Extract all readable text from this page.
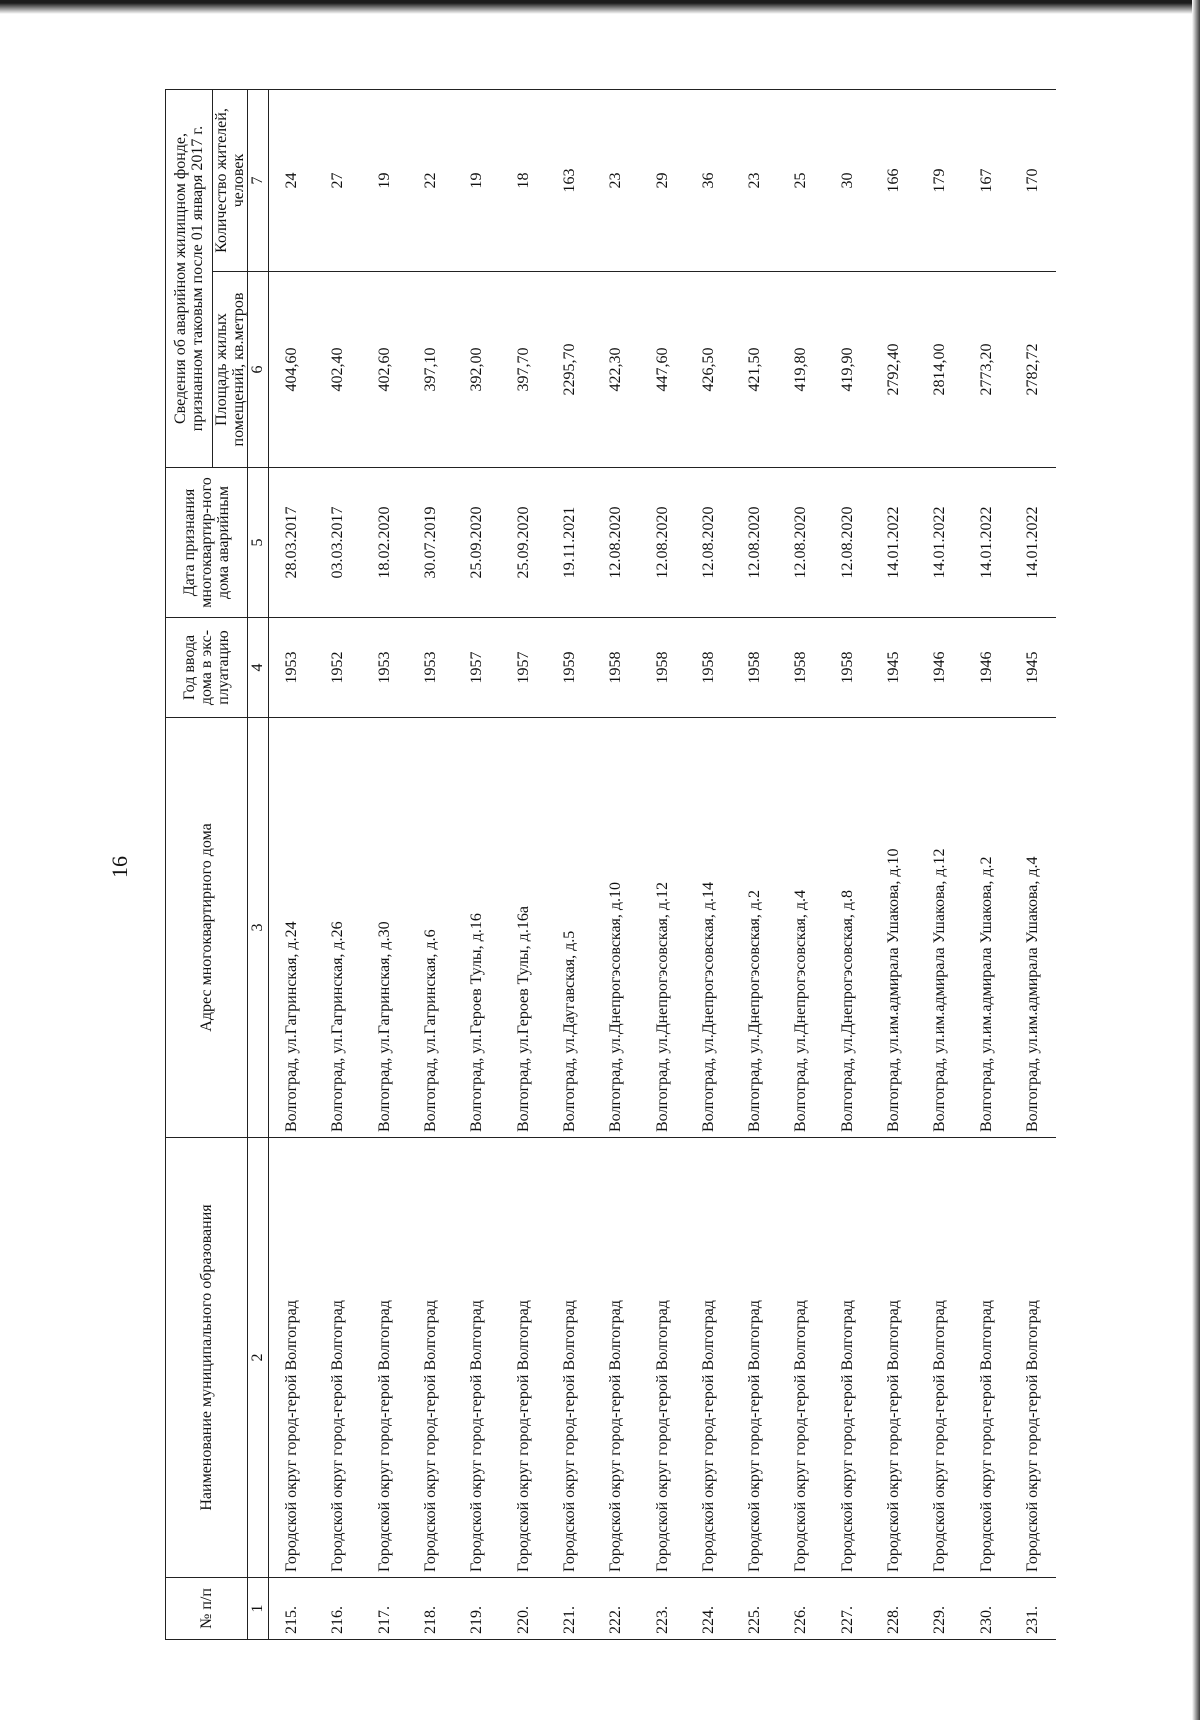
16
№ п/п	Наименование муниципального образования	Адрес многоквартирного дома	Год ввода дома в экс-плуатацию	Дата признания многоквартир-ного дома аварийным	Сведения об аварийном жилищном фонде, признанном таковым после 01 января 2017 г.	
					Площадь жилых помещений, кв.метров	Количество жителей, человек
1	2	3	4	5	6	7
215.	Городской округ город-герой Волгоград	Волгоград, ул.Гагринская, д.24	1953	28.03.2017	404,60	24
216.	Городской округ город-герой Волгоград	Волгоград, ул.Гагринская, д.26	1952	03.03.2017	402,40	27
217.	Городской округ город-герой Волгоград	Волгоград, ул.Гагринская, д.30	1953	18.02.2020	402,60	19
218.	Городской округ город-герой Волгоград	Волгоград, ул.Гагринская, д.6	1953	30.07.2019	397,10	22
219.	Городской округ город-герой Волгоград	Волгоград, ул.Героев Тулы, д.16	1957	25.09.2020	392,00	19
220.	Городской округ город-герой Волгоград	Волгоград, ул.Героев Тулы, д.16а	1957	25.09.2020	397,70	18
221.	Городской округ город-герой Волгоград	Волгоград, ул.Даугавская, д.5	1959	19.11.2021	2295,70	163
222.	Городской округ город-герой Волгоград	Волгоград, ул.Днепрогэсовская, д.10	1958	12.08.2020	422,30	23
223.	Городской округ город-герой Волгоград	Волгоград, ул.Днепрогэсовская, д.12	1958	12.08.2020	447,60	29
224.	Городской округ город-герой Волгоград	Волгоград, ул.Днепрогэсовская, д.14	1958	12.08.2020	426,50	36
225.	Городской округ город-герой Волгоград	Волгоград, ул.Днепрогэсовская, д.2	1958	12.08.2020	421,50	23
226.	Городской округ город-герой Волгоград	Волгоград, ул.Днепрогэсовская, д.4	1958	12.08.2020	419,80	25
227.	Городской округ город-герой Волгоград	Волгоград, ул.Днепрогэсовская, д.8	1958	12.08.2020	419,90	30
228.	Городской округ город-герой Волгоград	Волгоград, ул.им.адмирала Ушакова, д.10	1945	14.01.2022	2792,40	166
229.	Городской округ город-герой Волгоград	Волгоград, ул.им.адмирала Ушакова, д.12	1946	14.01.2022	2814,00	179
230.	Городской округ город-герой Волгоград	Волгоград, ул.им.адмирала Ушакова, д.2	1946	14.01.2022	2773,20	167
231.	Городской округ город-герой Волгоград	Волгоград, ул.им.адмирала Ушакова, д.4	1945	14.01.2022	2782,72	170
